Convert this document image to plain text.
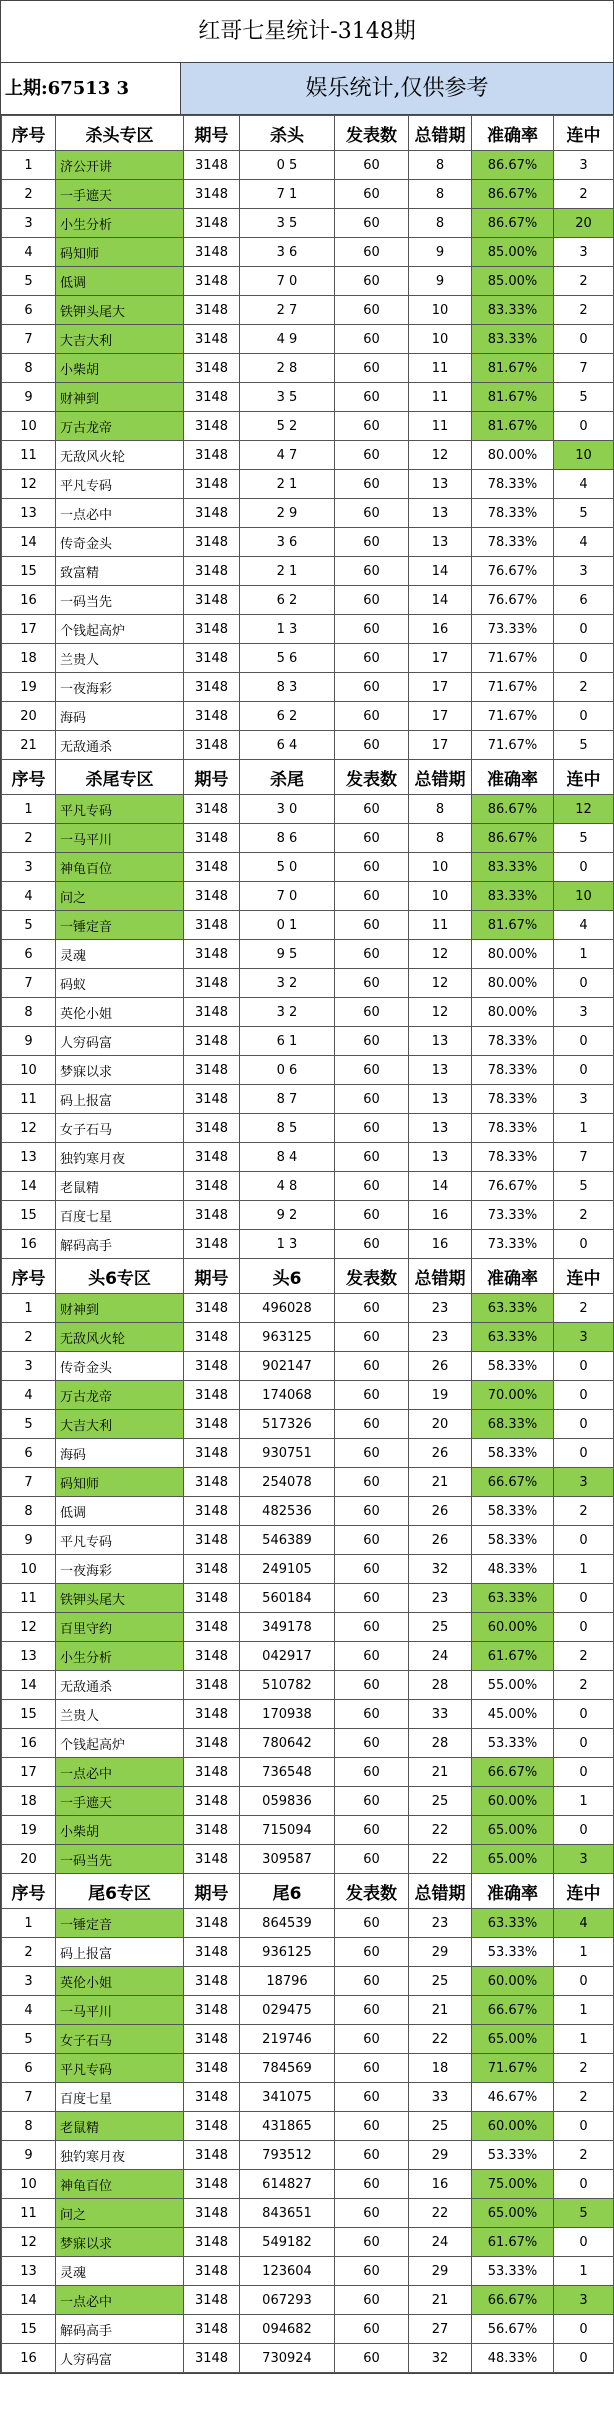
红哥七星统计-3148期
上期:67513 3	娱乐统计,仅供参考
序号	杀头专区	期号	杀头	发表数	总错期	准确率	连中
1	济公开讲	3148	0 5	60	8	86.67%	3
2	一手遮天	3148	7 1	60	8	86.67%	2
3	小生分析	3148	3 5	60	8	86.67%	20
4	码知师	3148	3 6	60	9	85.00%	3
5	低调	3148	7 0	60	9	85.00%	2
6	铁钾头尾大	3148	2 7	60	10	83.33%	2
7	大吉大利	3148	4 9	60	10	83.33%	0
8	小柴胡	3148	2 8	60	11	81.67%	7
9	财神到	3148	3 5	60	11	81.67%	5
10	万古龙帝	3148	5 2	60	11	81.67%	0
11	无敌风火轮	3148	4 7	60	12	80.00%	10
12	平凡专码	3148	2 1	60	13	78.33%	4
13	一点必中	3148	2 9	60	13	78.33%	5
14	传奇金头	3148	3 6	60	13	78.33%	4
15	致富精	3148	2 1	60	14	76.67%	3
16	一码当先	3148	6 2	60	14	76.67%	6
17	个钱起高炉	3148	1 3	60	16	73.33%	0
18	兰贵人	3148	5 6	60	17	71.67%	0
19	一夜海彩	3148	8 3	60	17	71.67%	2
20	海码	3148	6 2	60	17	71.67%	0
21	无敌通杀	3148	6 4	60	17	71.67%	5
序号	杀尾专区	期号	杀尾	发表数	总错期	准确率	连中
1	平凡专码	3148	3 0	60	8	86.67%	12
2	一马平川	3148	8 6	60	8	86.67%	5
3	神龟百位	3148	5 0	60	10	83.33%	0
4	问之	3148	7 0	60	10	83.33%	10
5	一锤定音	3148	0 1	60	11	81.67%	4
6	灵魂	3148	9 5	60	12	80.00%	1
7	码蚁	3148	3 2	60	12	80.00%	0
8	英伦小姐	3148	3 2	60	12	80.00%	3
9	人穷码富	3148	6 1	60	13	78.33%	0
10	梦寐以求	3148	0 6	60	13	78.33%	0
11	码上报富	3148	8 7	60	13	78.33%	3
12	女子石马	3148	8 5	60	13	78.33%	1
13	独钓寒月夜	3148	8 4	60	13	78.33%	7
14	老鼠精	3148	4 8	60	14	76.67%	5
15	百度七星	3148	9 2	60	16	73.33%	2
16	解码高手	3148	1 3	60	16	73.33%	0
序号	头6专区	期号	头6	发表数	总错期	准确率	连中
1	财神到	3148	496028	60	23	63.33%	2
2	无敌风火轮	3148	963125	60	23	63.33%	3
3	传奇金头	3148	902147	60	26	58.33%	0
4	万古龙帝	3148	174068	60	19	70.00%	0
5	大吉大利	3148	517326	60	20	68.33%	0
6	海码	3148	930751	60	26	58.33%	0
7	码知师	3148	254078	60	21	66.67%	3
8	低调	3148	482536	60	26	58.33%	2
9	平凡专码	3148	546389	60	26	58.33%	0
10	一夜海彩	3148	249105	60	32	48.33%	1
11	铁钾头尾大	3148	560184	60	23	63.33%	0
12	百里守约	3148	349178	60	25	60.00%	0
13	小生分析	3148	042917	60	24	61.67%	2
14	无敌通杀	3148	510782	60	28	55.00%	2
15	兰贵人	3148	170938	60	33	45.00%	0
16	个钱起高炉	3148	780642	60	28	53.33%	0
17	一点必中	3148	736548	60	21	66.67%	0
18	一手遮天	3148	059836	60	25	60.00%	1
19	小柴胡	3148	715094	60	22	65.00%	0
20	一码当先	3148	309587	60	22	65.00%	3
序号	尾6专区	期号	尾6	发表数	总错期	准确率	连中
1	一锤定音	3148	864539	60	23	63.33%	4
2	码上报富	3148	936125	60	29	53.33%	1
3	英伦小姐	3148	18796	60	25	60.00%	0
4	一马平川	3148	029475	60	21	66.67%	1
5	女子石马	3148	219746	60	22	65.00%	1
6	平凡专码	3148	784569	60	18	71.67%	2
7	百度七星	3148	341075	60	33	46.67%	2
8	老鼠精	3148	431865	60	25	60.00%	0
9	独钓寒月夜	3148	793512	60	29	53.33%	2
10	神龟百位	3148	614827	60	16	75.00%	0
11	问之	3148	843651	60	22	65.00%	5
12	梦寐以求	3148	549182	60	24	61.67%	0
13	灵魂	3148	123604	60	29	53.33%	1
14	一点必中	3148	067293	60	21	66.67%	3
15	解码高手	3148	094682	60	27	56.67%	0
16	人穷码富	3148	730924	60	32	48.33%	0
